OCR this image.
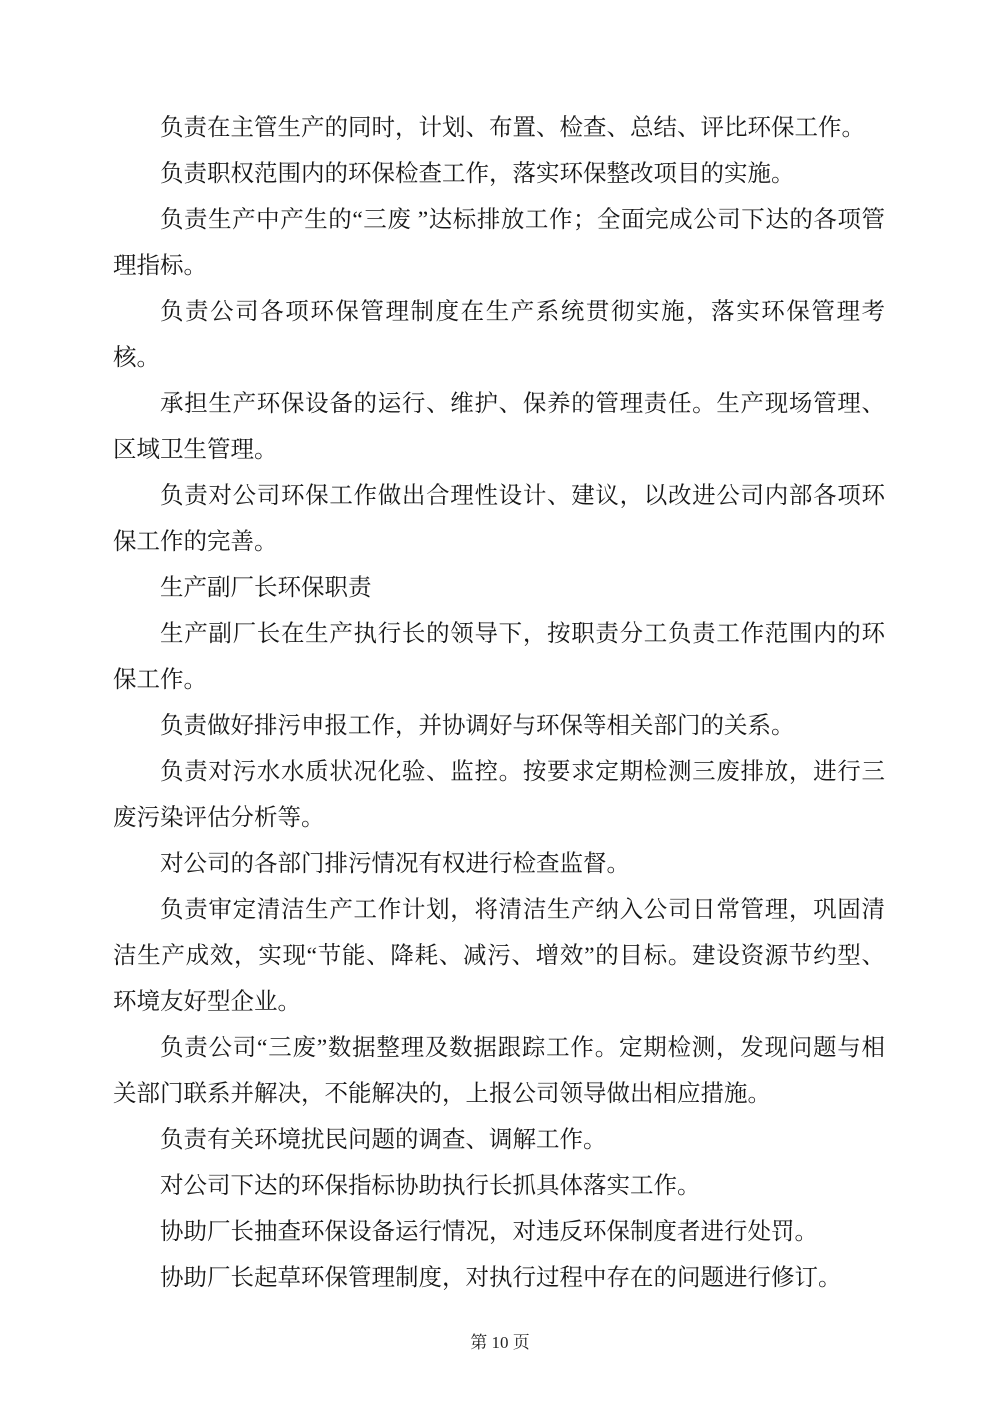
负责在主管生产的同时，计划、布置、检查、总结、评比环保工作。

负责职权范围内的环保检查工作，落实环保整改项目的实施。

负责生产中产生的“三废 ”达标排放工作；全面完成公司下达的各项管理指标。

负责公司各项环保管理制度在生产系统贯彻实施，落实环保管理考核。

承担生产环保设备的运行、维护、保养的管理责任。生产现场管理、区域卫生管理。

负责对公司环保工作做出合理性设计、建议，以改进公司内部各项环保工作的完善。

生产副厂长环保职责

生产副厂长在生产执行长的领导下，按职责分工负责工作范围内的环保工作。

负责做好排污申报工作，并协调好与环保等相关部门的关系。

负责对污水水质状况化验、监控。按要求定期检测三废排放，进行三废污染评估分析等。

对公司的各部门排污情况有权进行检查监督。

负责审定清洁生产工作计划，将清洁生产纳入公司日常管理，巩固清洁生产成效，实现“节能、降耗、减污、增效”的目标。建设资源节约型、环境友好型企业。

负责公司“三废”数据整理及数据跟踪工作。定期检测，发现问题与相关部门联系并解决，不能解决的，上报公司领导做出相应措施。

负责有关环境扰民问题的调查、调解工作。

对公司下达的环保指标协助执行长抓具体落实工作。

协助厂长抽查环保设备运行情况，对违反环保制度者进行处罚。

协助厂长起草环保管理制度，对执行过程中存在的问题进行修订。

第 10 页
